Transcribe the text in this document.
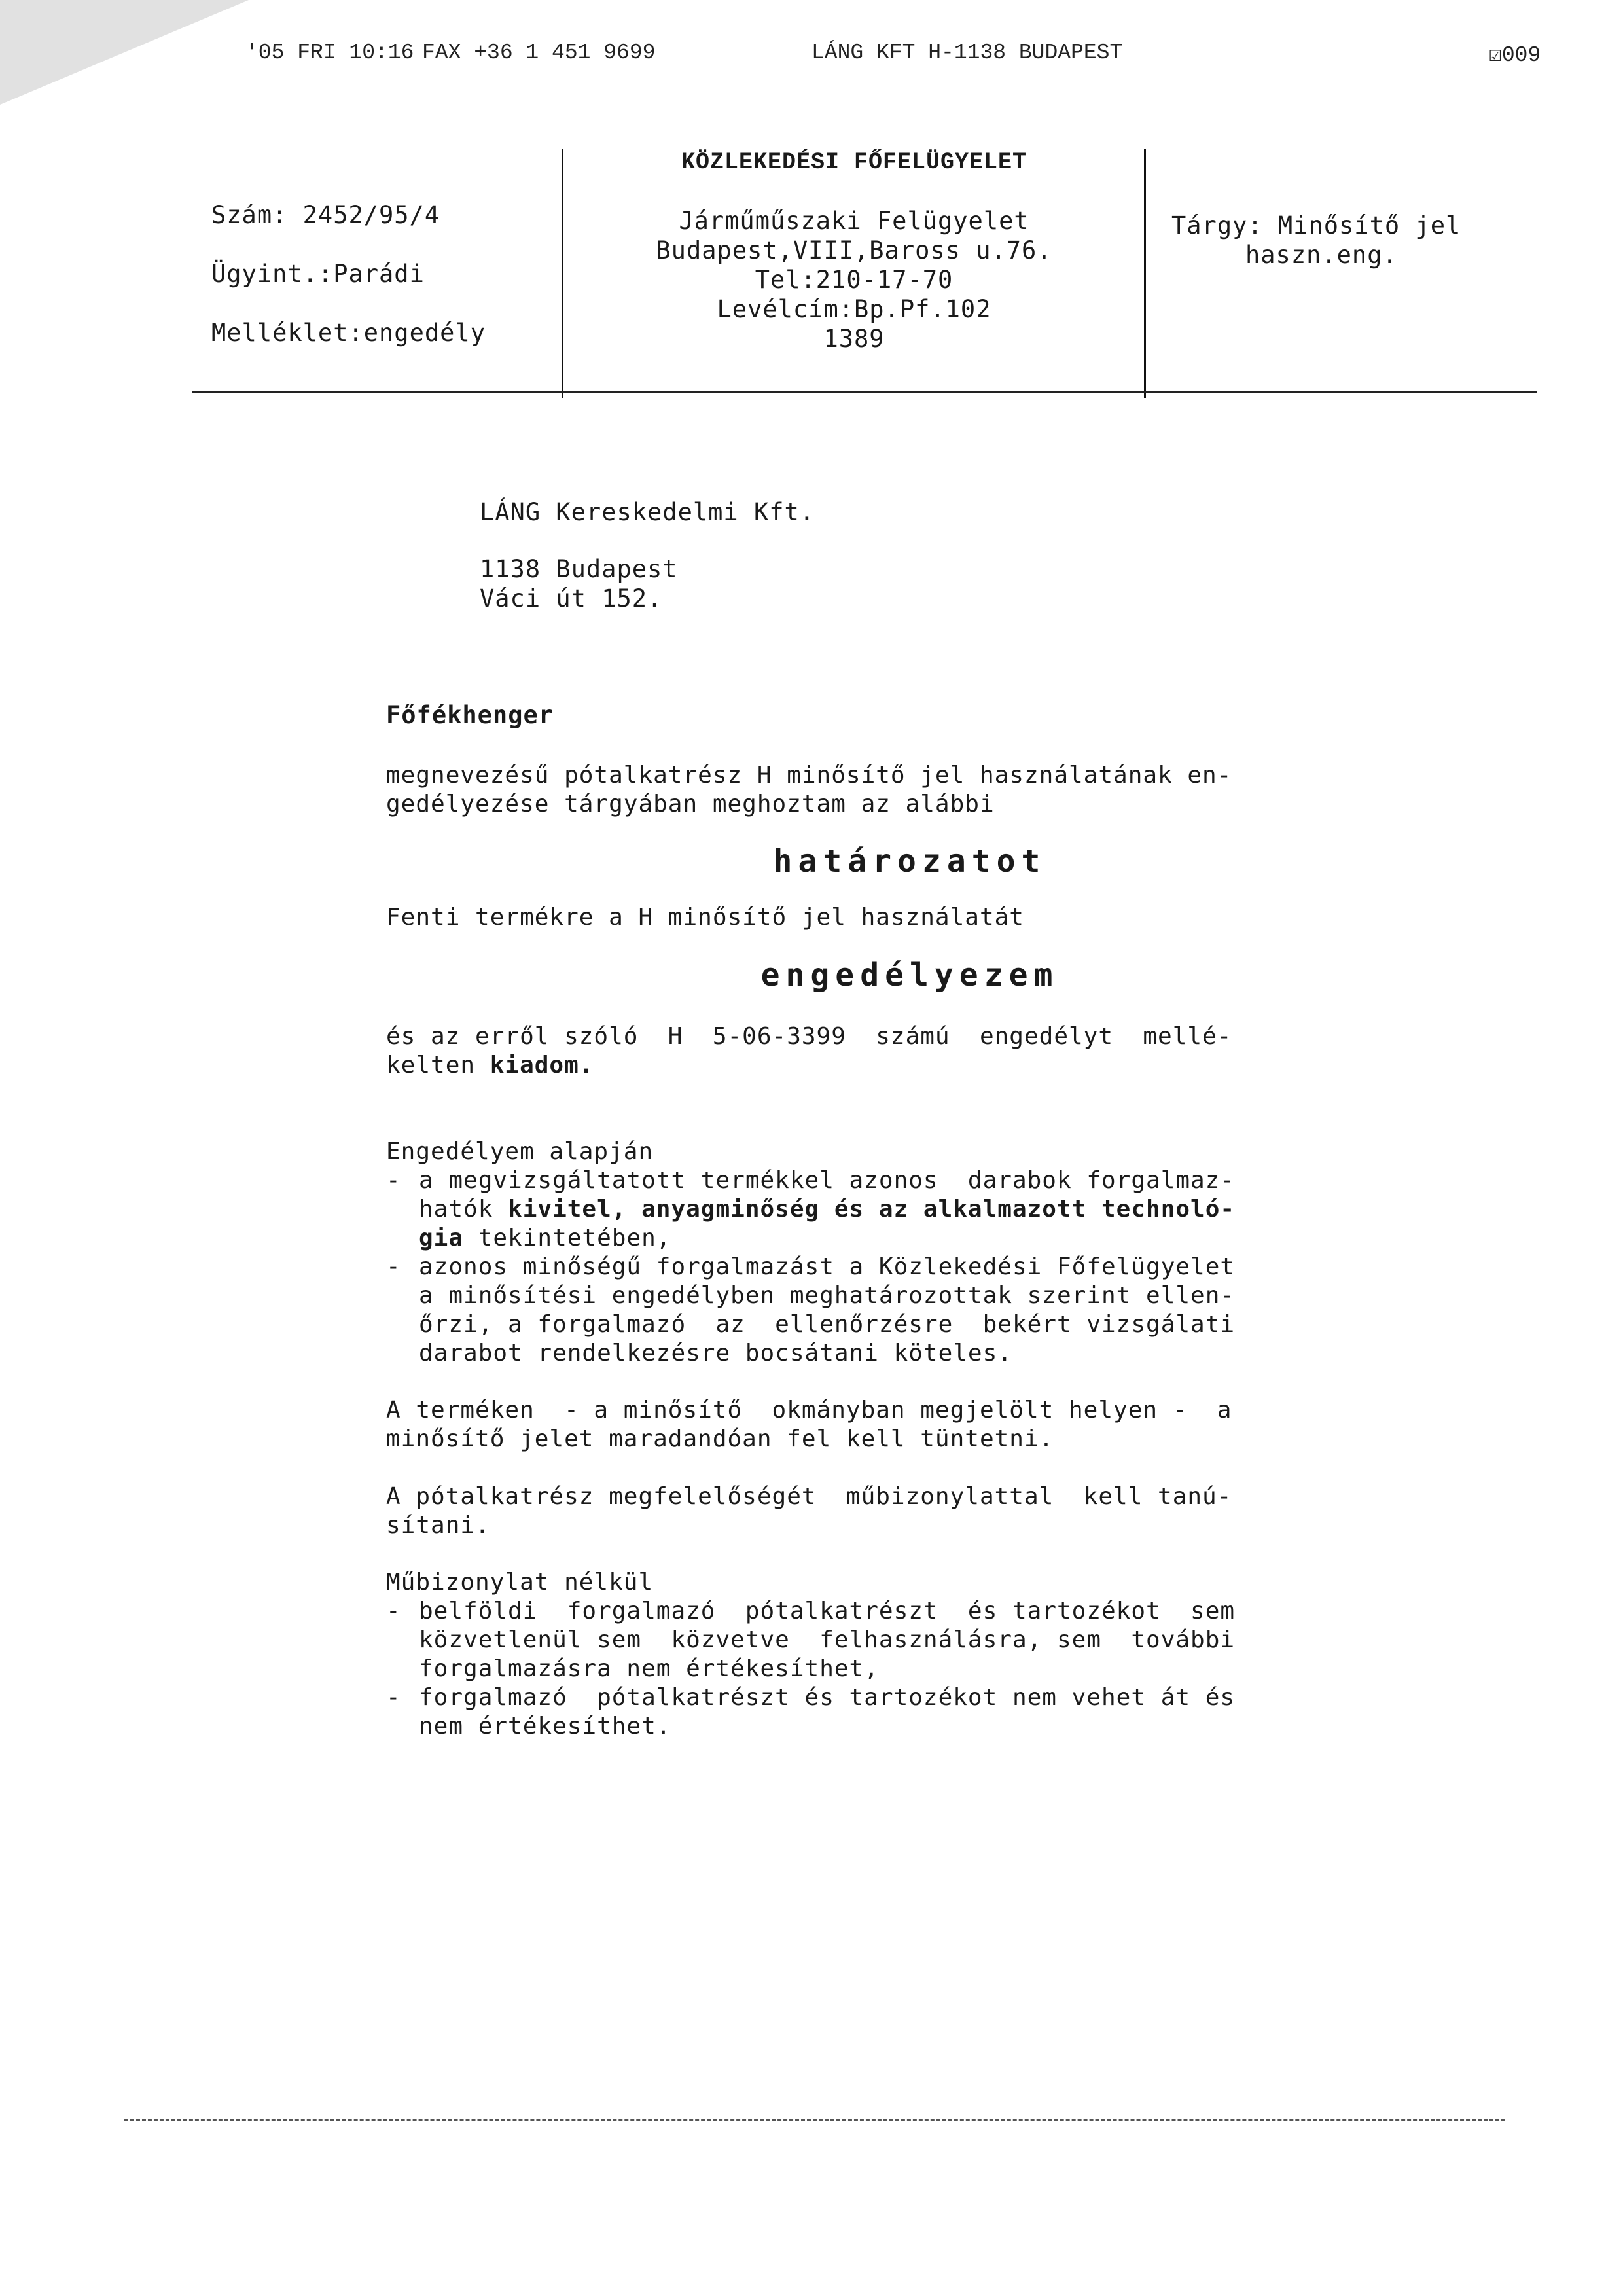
'05 FRI 10:16 FAX +36 1 451 9699	LÁNG KFT H-1138 BUDAPEST	☑009
Szám: 2452/95/4
Ügyint.:Parádi
Melléklet:engedély
KÖZLEKEDÉSI FŐFELÜGYELET
Járműműszaki Felügyelet
Budapest,VIII,Baross u.76.
Tel:210-17-70
Levélcím:Bp.Pf.102
1389
Tárgy: Minősítő jel
haszn.eng.
LÁNG Kereskedelmi Kft.
1138 Budapest
Váci út 152.
Főfékhenger
megnevezésű pótalkatrész H minősítő jel használatának en-
gedélyezése tárgyában meghoztam az alábbi
határozatot
Fenti termékre a H minősítő jel használatát
engedélyezem
és az erről szóló  H  5-06-3399  számú  engedélyt  mellé-
kelten kiadom.
Engedélyem alapján
- a megvizsgáltatott termékkel azonos  darabok forgalmaz-
hatók kivitel, anyagminőség és az alkalmazott technoló-
gia tekintetében,
- azonos minőségű forgalmazást a Közlekedési Főfelügyelet
a minősítési engedélyben meghatározottak szerint ellen-
őrzi, a forgalmazó  az  ellenőrzésre  bekért vizsgálati
darabot rendelkezésre bocsátani köteles.
A terméken  - a minősítő  okmányban megjelölt helyen -  a
minősítő jelet maradandóan fel kell tüntetni.
A pótalkatrész megfelelőségét  műbizonylattal  kell tanú-
sítani.
Műbizonylat nélkül
- belföldi  forgalmazó  pótalkatrészt  és tartozékot  sem
közvetlenül sem  közvetve  felhasználásra, sem  további
forgalmazásra nem értékesíthet,
- forgalmazó  pótalkatrészt és tartozékot nem vehet át és
nem értékesíthet.
